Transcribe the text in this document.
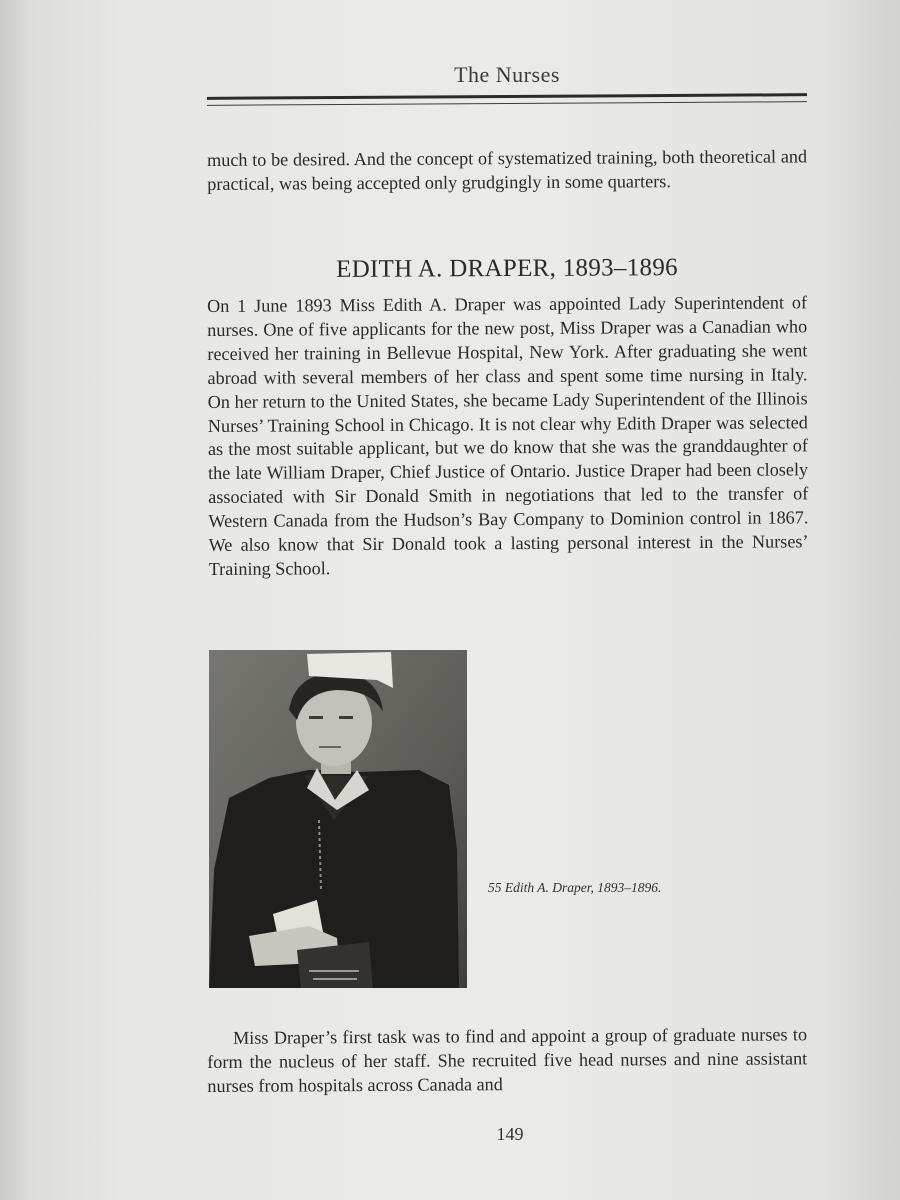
The Nurses

much to be desired. And the concept of systematized training, both theoretical and practical, was being accepted only grudgingly in some quarters.

EDITH A. DRAPER, 1893–1896

On 1 June 1893 Miss Edith A. Draper was appointed Lady Superintendent of nurses. One of five applicants for the new post, Miss Draper was a Canadian who received her training in Bellevue Hospital, New York. After graduating she went abroad with several members of her class and spent some time nursing in Italy. On her return to the United States, she became Lady Superintendent of the Illinois Nurses’ Training School in Chicago. It is not clear why Edith Draper was selected as the most suitable applicant, but we do know that she was the granddaughter of the late William Draper, Chief Justice of Ontario. Justice Draper had been closely associated with Sir Donald Smith in negotiations that led to the transfer of Western Canada from the Hudson’s Bay Company to Dominion control in 1867. We also know that Sir Donald took a lasting personal interest in the Nurses’ Training School.

55 Edith A. Draper, 1893–1896.

Miss Draper’s first task was to find and appoint a group of graduate nurses to form the nucleus of her staff. She recruited five head nurses and nine assistant nurses from hospitals across Canada and

149
